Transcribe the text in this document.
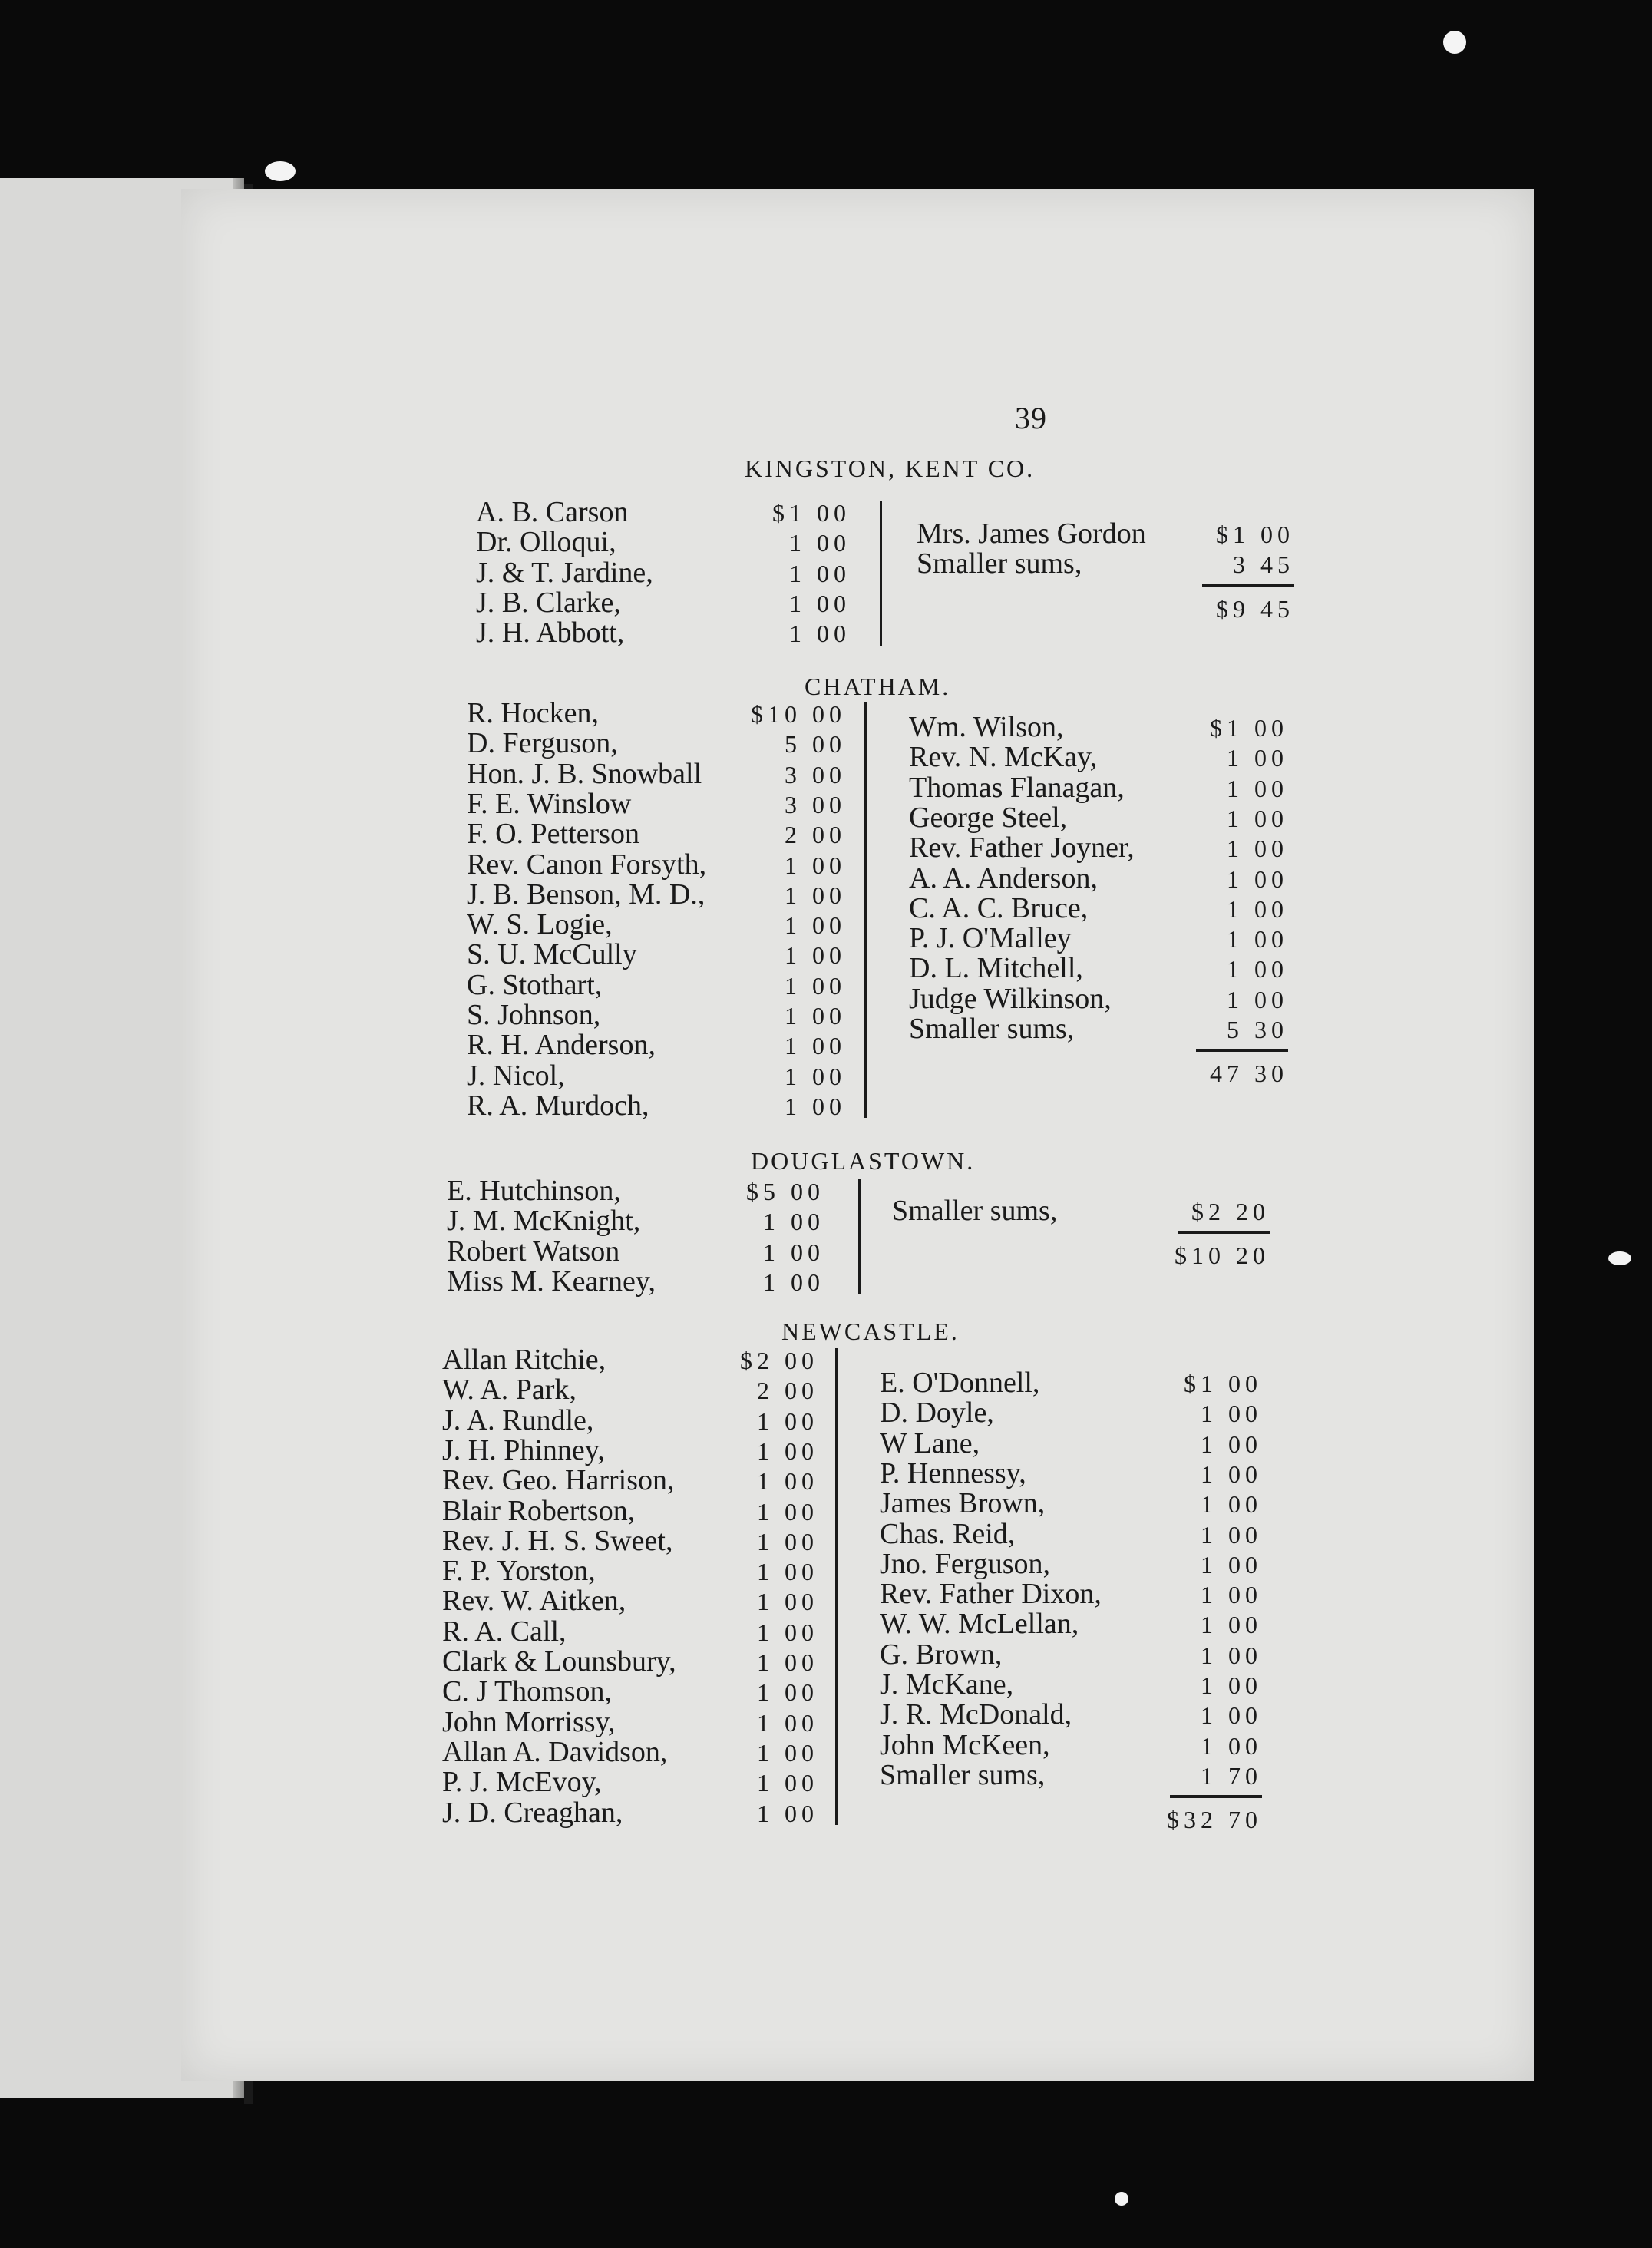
39
KINGSTON, KENT CO.
A. B. Carson	$1 00
Dr. Olloqui,	1 00
J. & T. Jardine,	1 00
J. B. Clarke,	1 00
J. H. Abbott,	1 00
Mrs. James Gordon	$1 00
Smaller sums,	3 45
$9 45
CHATHAM.
R. Hocken,	$10 00
D. Ferguson,	5 00
Hon. J. B. Snowball	3 00
F. E. Winslow	3 00
F. O. Petterson	2 00
Rev. Canon Forsyth,	1 00
J. B. Benson, M. D.,	1 00
W. S. Logie,	1 00
S. U. McCully	1 00
G. Stothart,	1 00
S. Johnson,	1 00
R. H. Anderson,	1 00
J. Nicol,	1 00
R. A. Murdoch,	1 00
Wm. Wilson,	$1 00
Rev. N. McKay,	1 00
Thomas Flanagan,	1 00
George Steel,	1 00
Rev. Father Joyner,	1 00
A. A. Anderson,	1 00
C. A. C. Bruce,	1 00
P. J. O'Malley	1 00
D. L. Mitchell,	1 00
Judge Wilkinson,	1 00
Smaller sums,	5 30
47 30
DOUGLASTOWN.
E. Hutchinson,	$5 00
J. M. McKnight,	1 00
Robert Watson	1 00
Miss M. Kearney,	1 00
Smaller sums,	$2 20
$10 20
NEWCASTLE.
Allan Ritchie,	$2 00
W. A. Park,	2 00
J. A. Rundle,	1 00
J. H. Phinney,	1 00
Rev. Geo. Harrison,	1 00
Blair Robertson,	1 00
Rev. J. H. S. Sweet,	1 00
F. P. Yorston,	1 00
Rev. W. Aitken,	1 00
R. A. Call,	1 00
Clark & Lounsbury,	1 00
C. J Thomson,	1 00
John Morrissy,	1 00
Allan A. Davidson,	1 00
P. J. McEvoy,	1 00
J. D. Creaghan,	1 00
E. O'Donnell,	$1 00
D. Doyle,	1 00
W Lane,	1 00
P. Hennessy,	1 00
James Brown,	1 00
Chas. Reid,	1 00
Jno. Ferguson,	1 00
Rev. Father Dixon,	1 00
W. W. McLellan,	1 00
G. Brown,	1 00
J. McKane,	1 00
J. R. McDonald,	1 00
John McKeen,	1 00
Smaller sums,	1 70
$32 70
